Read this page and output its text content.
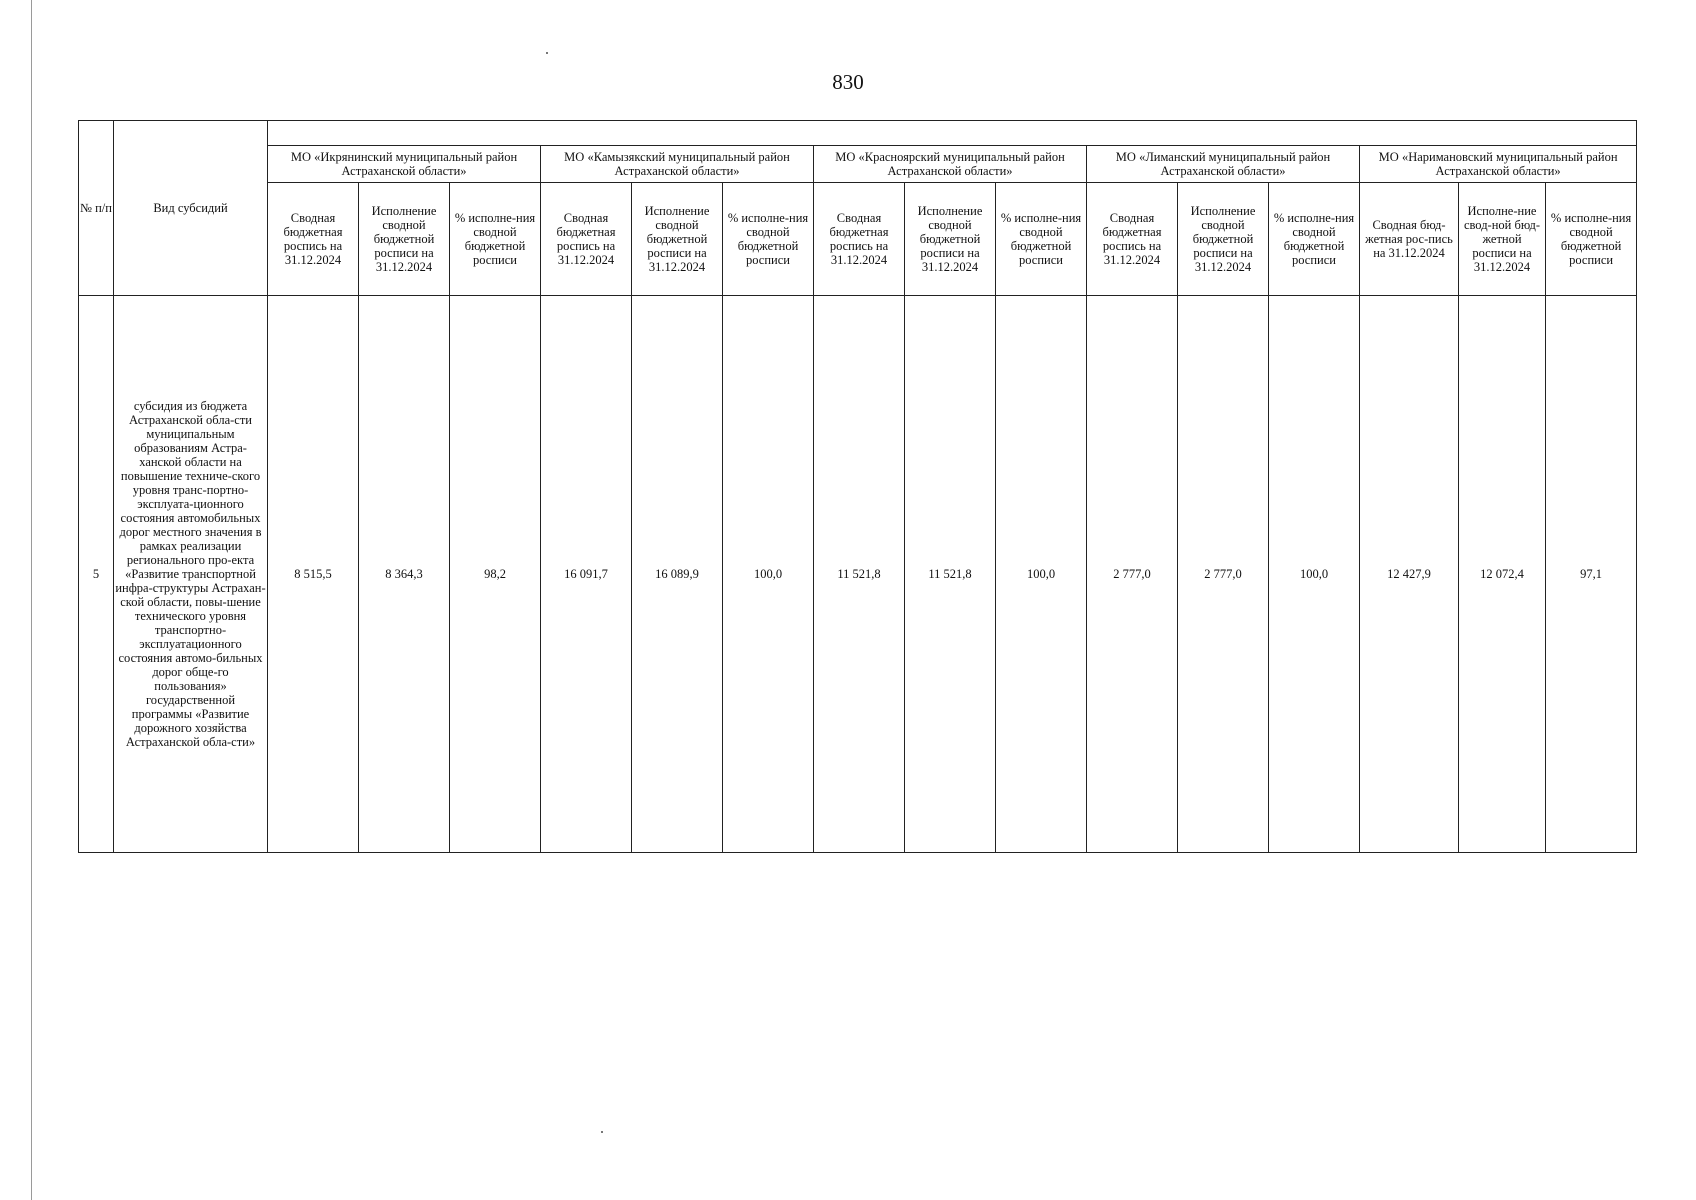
830
№ п/п	Вид субсидий															
		МО «Икрянинский муниципальный район Астраханской области»			МО «Камызякский муниципальный район Астраханской области»			МО «Красноярский муниципальный район Астраханской области»			МО «Лиманский муниципальный район Астраханской области»			МО «Наримановский муниципальный район Астраханской области»		
		Сводная бюджетная роспись на 31.12.2024	Исполнение сводной бюджетной росписи на 31.12.2024	% исполне-ния сводной бюджетной росписи	Сводная бюджетная роспись на 31.12.2024	Исполнение сводной бюджетной росписи на 31.12.2024	% исполне-ния сводной бюджетной росписи	Сводная бюджетная роспись на 31.12.2024	Исполнение сводной бюджетной росписи на 31.12.2024	% исполне-ния сводной бюджетной росписи	Сводная бюджетная роспись на 31.12.2024	Исполнение сводной бюджетной росписи на 31.12.2024	% исполне-ния сводной бюджетной росписи	Сводная бюд-жетная рос-пись на 31.12.2024	Исполне-ние свод-ной бюд-жетной росписи на 31.12.2024	% исполне-ния сводной бюджетной росписи
5	субсидия из бюджета Астраханской обла-сти муниципальным образованиям Астра-ханской области на повышение техниче-ского уровня транс-портно-эксплуата-ционного состояния автомобильных дорог местного значения в рамках реализации регионального про-екта «Развитие транспортной инфра-структуры Астрахан-ской области, повы-шение технического уровня транспортно-эксплуатационного состояния автомо-бильных дорог обще-го пользования» государственной программы «Развитие дорожного хозяйства Астраханской обла-сти»	8 515,5	8 364,3	98,2	16 091,7	16 089,9	100,0	11 521,8	11 521,8	100,0	2 777,0	2 777,0	100,0	12 427,9	12 072,4	97,1
